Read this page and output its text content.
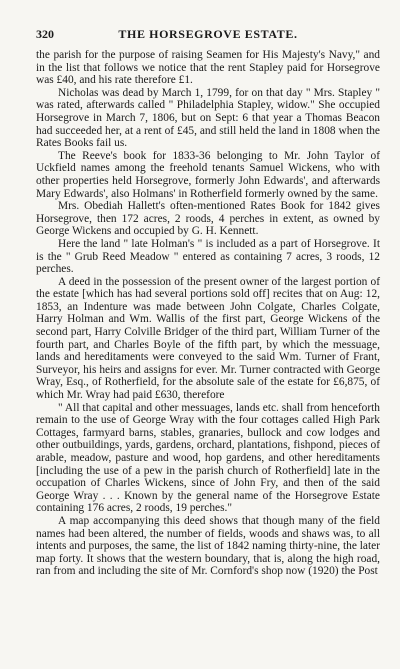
320	THE HORSEGROVE ESTATE.

the parish for the purpose of raising Seamen for His Majesty's Navy," and in the list that follows we notice that the rent Stapley paid for Horsegrove was £40, and his rate therefore £1.

Nicholas was dead by March 1, 1799, for on that day " Mrs. Stapley " was rated, afterwards called " Philadelphia Stapley, widow." She occupied Horsegrove in March 7, 1806, but on Sept: 6 that year a Thomas Beacon had succeeded her, at a rent of £45, and still held the land in 1808 when the Rates Books fail us.

The Reeve's book for 1833-36 belonging to Mr. John Taylor of Uckfield names among the freehold tenants Samuel Wickens, who with other properties held Horsegrove, formerly John Edwards', and afterwards Mary Edwards', also Holmans' in Rotherfield formerly owned by the same.

Mrs. Obediah Hallett's often-mentioned Rates Book for 1842 gives Horsegrove, then 172 acres, 2 roods, 4 perches in extent, as owned by George Wickens and occupied by G. H. Kennett.

Here the land " late Holman's " is included as a part of Horsegrove. It is the " Grub Reed Meadow " entered as containing 7 acres, 3 roods, 12 perches.

A deed in the possession of the present owner of the largest portion of the estate [which has had several portions sold off] recites that on Aug: 12, 1853, an Indenture was made between John Colgate, Charles Colgate, Harry Holman and Wm. Wallis of the first part, George Wickens of the second part, Harry Colville Bridger of the third part, William Turner of the fourth part, and Charles Boyle of the fifth part, by which the messuage, lands and hereditaments were conveyed to the said Wm. Turner of Frant, Surveyor, his heirs and assigns for ever. Mr. Turner contracted with George Wray, Esq., of Rotherfield, for the absolute sale of the estate for £6,875, of which Mr. Wray had paid £630, therefore

" All that capital and other messuages, lands etc. shall from henceforth remain to the use of George Wray with the four cottages called High Park Cottages, farmyard barns, stables, granaries, bullock and cow lodges and other outbuildings, yards, gardens, orchard, plantations, fishpond, pieces of arable, meadow, pasture and wood, hop gardens, and other hereditaments [including the use of a pew in the parish church of Rotherfield] late in the occupation of Charles Wickens, since of John Fry, and then of the said George Wray . . . Known by the general name of the Horsegrove Estate containing 176 acres, 2 roods, 19 perches."

A map accompanying this deed shows that though many of the field names had been altered, the number of fields, woods and shaws was, to all intents and purposes, the same, the list of 1842 naming thirty-nine, the later map forty. It shows that the western boundary, that is, along the high road, ran from and including the site of Mr. Cornford's shop now (1920) the Post
